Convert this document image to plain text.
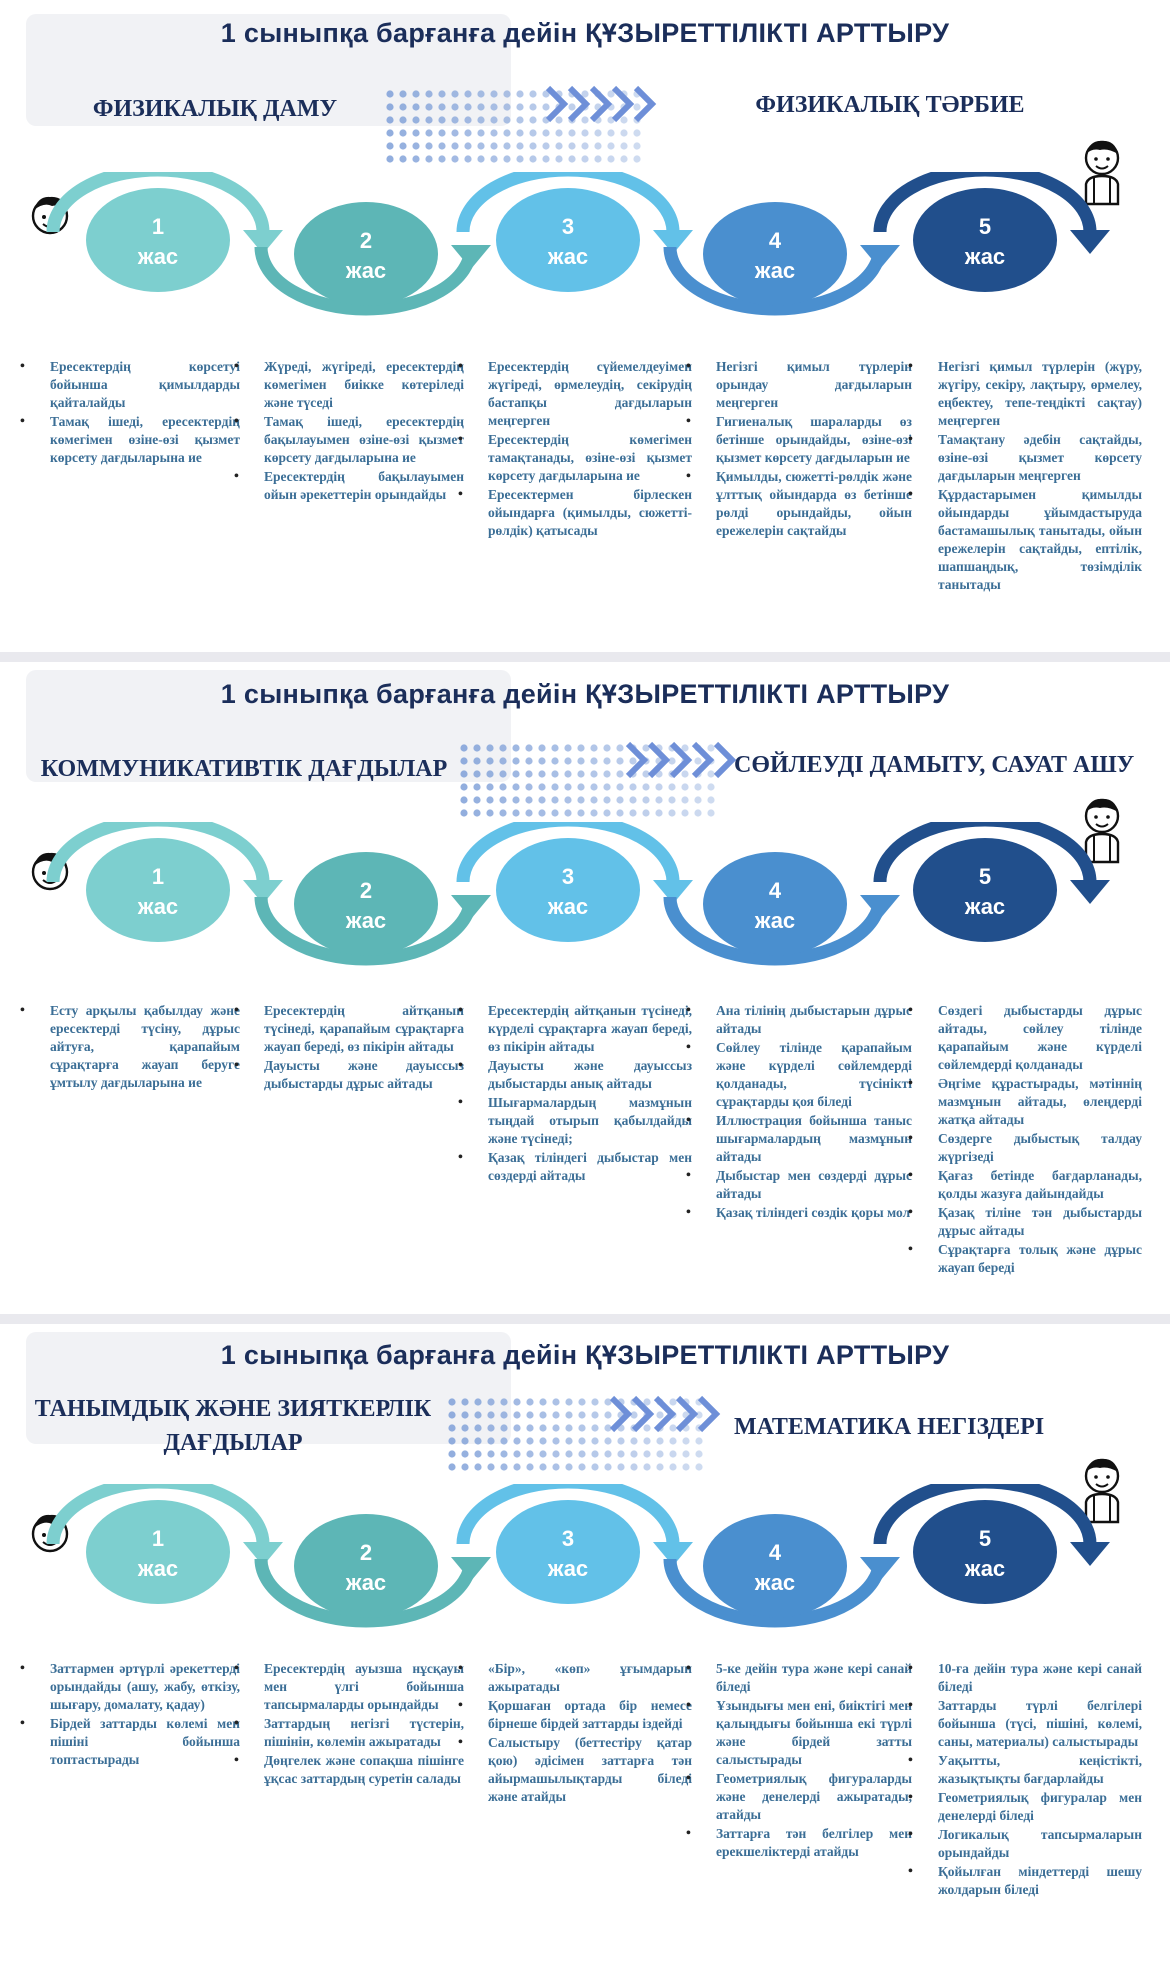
1 сыныпқа барғанға дейін ҚҰЗЫРЕТТІЛІКТІ АРТТЫРУ
ФИЗИКАЛЫҚ ДАМУ	ФИЗИКАЛЫҚ ТӘРБИЕ
1
жас
2
жас
3
жас
4
жас
5
жас
• Ересектердің көрсетуі бойынша қимылдарды қайталайды
• Тамақ ішеді, ересектердің көмегімен өзіне-өзі қызмет көрсету дағдыларына ие
• Жүреді, жүгіреді, ересектердің көмегімен биікке көтеріледі және түседі
• Тамақ ішеді, ересектердің бақылауымен өзіне-өзі қызмет көрсету дағдыларына ие
• Ересектердің бақылауымен ойын әрекеттерін орындайды
• Ересектердің сүйемелдеуімен жүгіреді, өрмелеудің, секірудің бастапқы дағдыларын меңгерген
• Ересектердің көмегімен тамақтанады, өзіне-өзі қызмет көрсету дағдыларына ие
• Ересектермен бірлескен ойындарға (қимылды, сюжетті-рөлдік) қатысады
• Негізгі қимыл түрлерін орындау дағдыларын меңгерген
• Гигиеналық шараларды өз бетінше орындайды, өзіне-өзі қызмет көрсету дағдыларын ие
• Қимылды, сюжетті-рөлдік және ұлттық ойындарда өз бетінше рөлді орындайды, ойын ережелерін сақтайды
• Негізгі қимыл түрлерін (жүру, жүгіру, секіру, лақтыру, өрмелеу, еңбектеу, тепе-теңдікті сақтау) меңгерген
• Тамақтану әдебін сақтайды, өзіне-өзі қызмет көрсету дағдыларын меңгерген
• Құрдастарымен қимылды ойындарды ұйымдастыруда бастамашылық танытады, ойын ережелерін сақтайды, ептілік, шапшаңдық, төзімділік танытады
1 сыныпқа барғанға дейін ҚҰЗЫРЕТТІЛІКТІ АРТТЫРУ
КОММУНИКАТИВТІК ДАҒДЫЛАР	СӨЙЛЕУДІ ДАМЫТУ, САУАТ АШУ
1
жас
2
жас
3
жас
4
жас
5
жас
• Есту арқылы қабылдау және ересектерді түсіну, дұрыс айтуға, қарапайым сұрақтарға жауап беруге ұмтылу дағдыларына ие
• Ересектердің айтқанын түсінеді, қарапайым сұрақтарға жауап береді, өз пікірін айтады
• Дауысты және дауыссыз дыбыстарды дұрыс айтады
• Ересектердің айтқанын түсінеді, күрделі сұрақтарға жауап береді, өз пікірін айтады
• Дауысты және дауыссыз дыбыстарды анық айтады
• Шығармалардың мазмұнын тыңдай отырып қабылдайды және түсінеді;
• Қазақ тіліндегі дыбыстар мен сөздерді айтады
• Ана тілінің дыбыстарын дұрыс айтады
• Сөйлеу тілінде қарапайым және күрделі сөйлемдерді қолданады, түсінікті сұрақтарды қоя біледі
• Иллюстрация бойынша таныс шығармалардың мазмұнын айтады
• Дыбыстар мен сөздерді дұрыс айтады
• Қазақ тіліндегі сөздік қоры мол
• Сөздегі дыбыстарды дұрыс айтады, сөйлеу тілінде қарапайым және күрделі сөйлемдерді қолданады
• Әңгіме құрастырады, мәтіннің мазмұнын айтады, өлеңдерді жатқа айтады
• Сөздерге дыбыстық талдау жүргізеді
• Қағаз бетінде бағдарланады, қолды жазуға дайындайды
• Қазақ тіліне тән дыбыстарды дұрыс айтады
• Сұрақтарға толық және дұрыс жауап береді
1 сыныпқа барғанға дейін ҚҰЗЫРЕТТІЛІКТІ АРТТЫРУ
ТАНЫМДЫҚ ЖӘНЕ ЗИЯТКЕРЛІК ДАҒДЫЛАР
МАТЕМАТИКА НЕГІЗДЕРІ
1
жас
2
жас
3
жас
4
жас
5
жас
• Заттармен әртүрлі әрекеттерді орындайды (ашу, жабу, өткізу, шығару, домалату, қадау)
• Бірдей заттарды көлемі мен пішіні бойынша топтастырады
• Ересектердің ауызша нұсқауы мен үлгі бойынша тапсырмаларды орындайды
• Заттардың негізгі түстерін, пішінін, көлемін ажыратады
• Дөңгелек және сопақша пішінге ұқсас заттардың суретін салады
• «Бір», «көп» ұғымдарын ажыратады
• Қоршаған ортада бір немесе бірнеше бірдей заттарды іздейді
• Салыстыру (беттестіру қатар қою) әдісімен заттарға тән айырмашылықтарды біледі және атайды
• 5-ке дейін тура және кері санай біледі
• Ұзындығы мен ені, биіктігі мен қалыңдығы бойынша екі түрлі және бірдей затты салыстырады
• Геометриялық фигураларды және денелерді ажыратады, атайды
• Заттарға тән белгілер мен ерекшеліктерді атайды
• 10-ға дейін тура және кері санай біледі
• Заттарды түрлі белгілері бойынша (түсі, пішіні, көлемі, саны, материалы) салыстырады
• Уақытты, кеңістікті, жазықтықты бағдарлайды
• Геометриялық фигуралар мен денелерді біледі
• Логикалық тапсырмаларын орындайды
• Қойылған міндеттерді шешу жолдарын біледі
